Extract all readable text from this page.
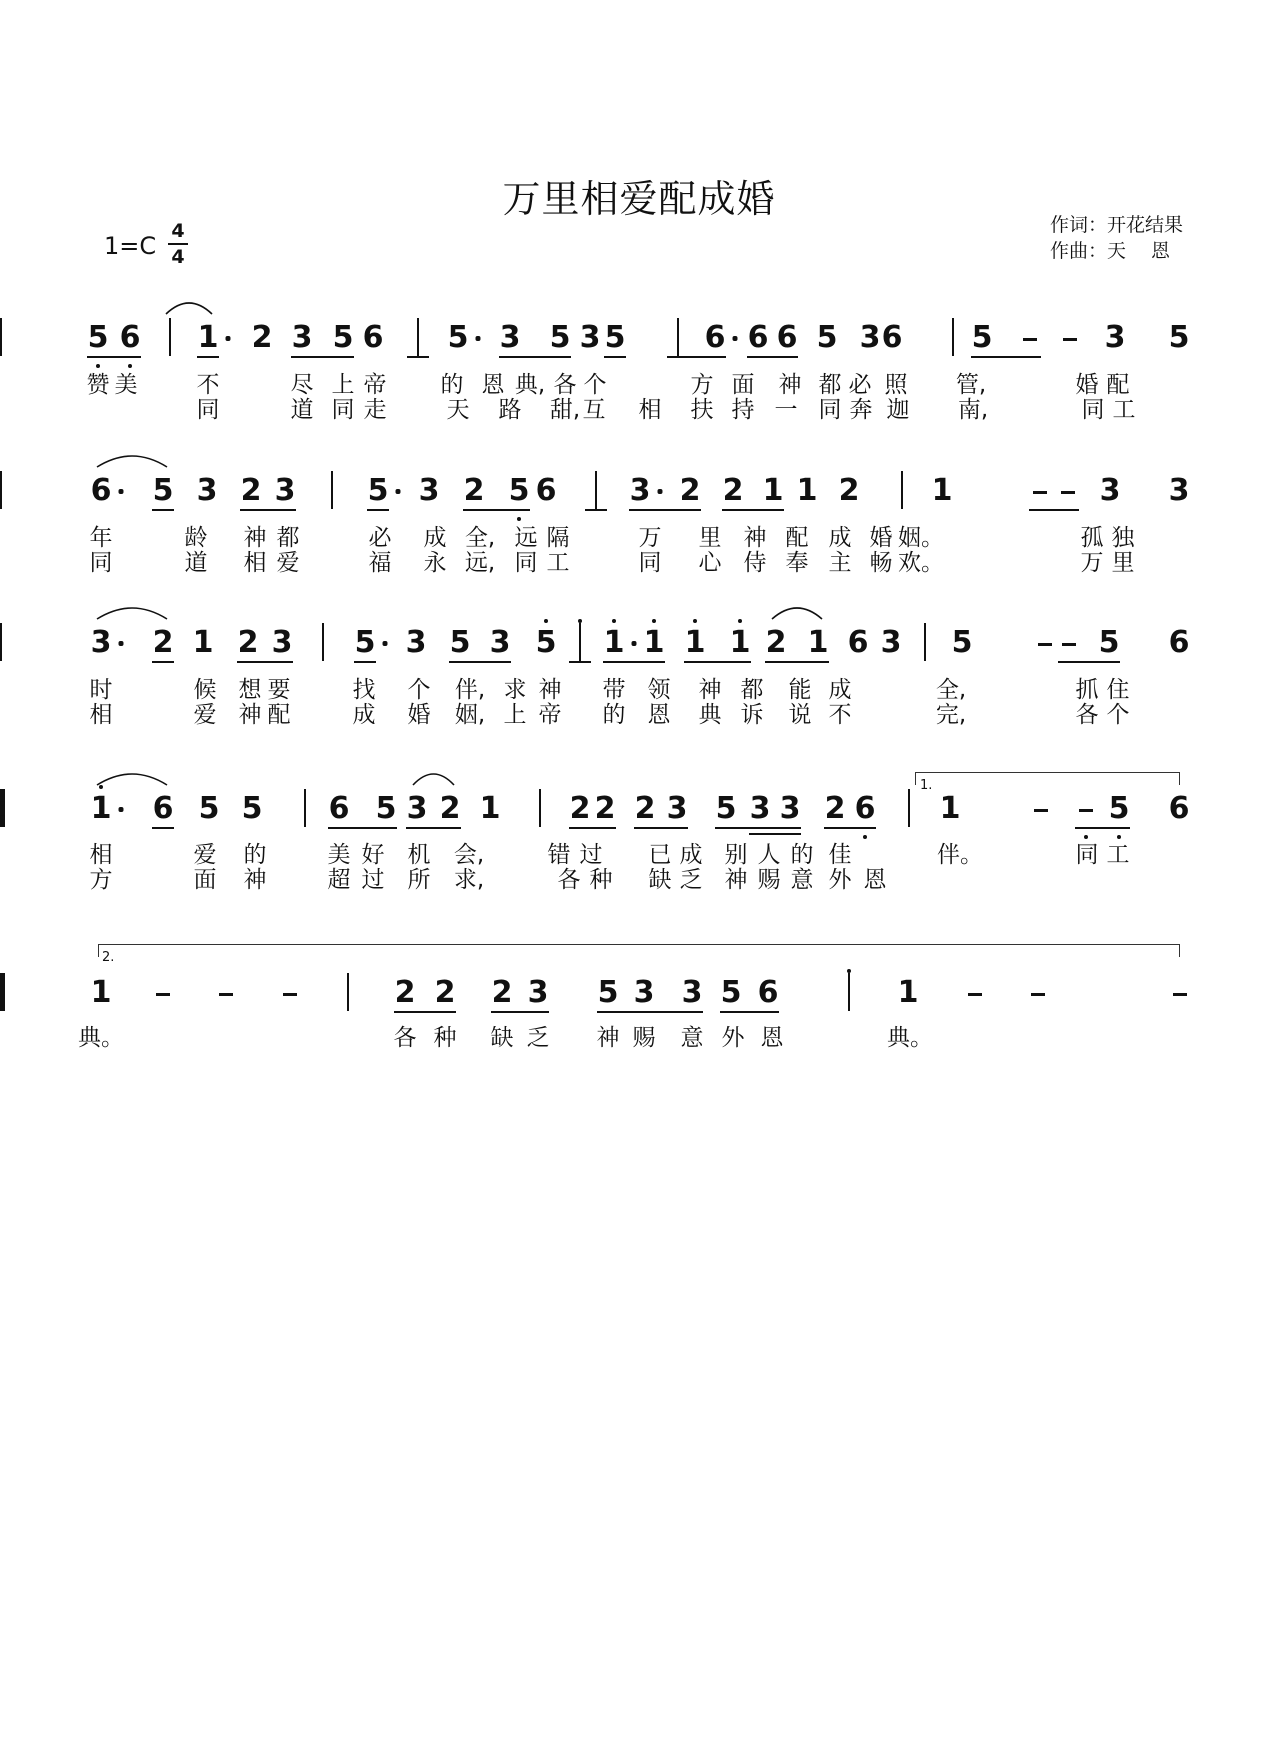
万里相爱配成婚
作词：开花结果
作曲：天　 恩
1=C
4
4
5 6 1 2 3 5 6 5 3 5 3 5	6 6 6 5 3 6 5	3 5
6 5 3 2 3 5 3 2 5 6 3 2 2 1 1 2 1	3 3
3 2 1 2 3 5 3 5 3 5 1 1 1 1 2 1 6 3 5	5 6
1 6 5 5 6 5 3 2 1 2 2 2 3 5 3 3 2 6 1	5 6
1	2 2 2 3 5 3 3 5 6	1
赞 美	不	尽 上 帝 的 恩 典, 各 个	方 面 神 都 必 照 管,	婚 配
同	道 同 走	天 路 甜, 互 相 扶 持 一 同 奔 迦 南,	同 工
年	龄 神 都	必 成 全, 远 隔	万 里 神 配 成 婚 姻。	孤 独
同	道 相 爱	福 永 远, 同 工	同 心 侍 奉 主 畅 欢。	万 里
时	候 想 要	找 个 伴, 求 神 带 领 神 都 能 成	全,	抓 住
相	爱 神 配	成 婚 姻, 上 帝 的 恩 典 诉 说 不	完,	各 个
相	爱 的	美 好 机 会,	错 过 已 成 别 人 的 佳	伴。	同 工
方	面 神	超 过 所 求,	各 种 缺 乏 神 赐 意 外 恩
典。	各 种 缺 乏 神 赐 意 外 恩	典。
1.
2.
